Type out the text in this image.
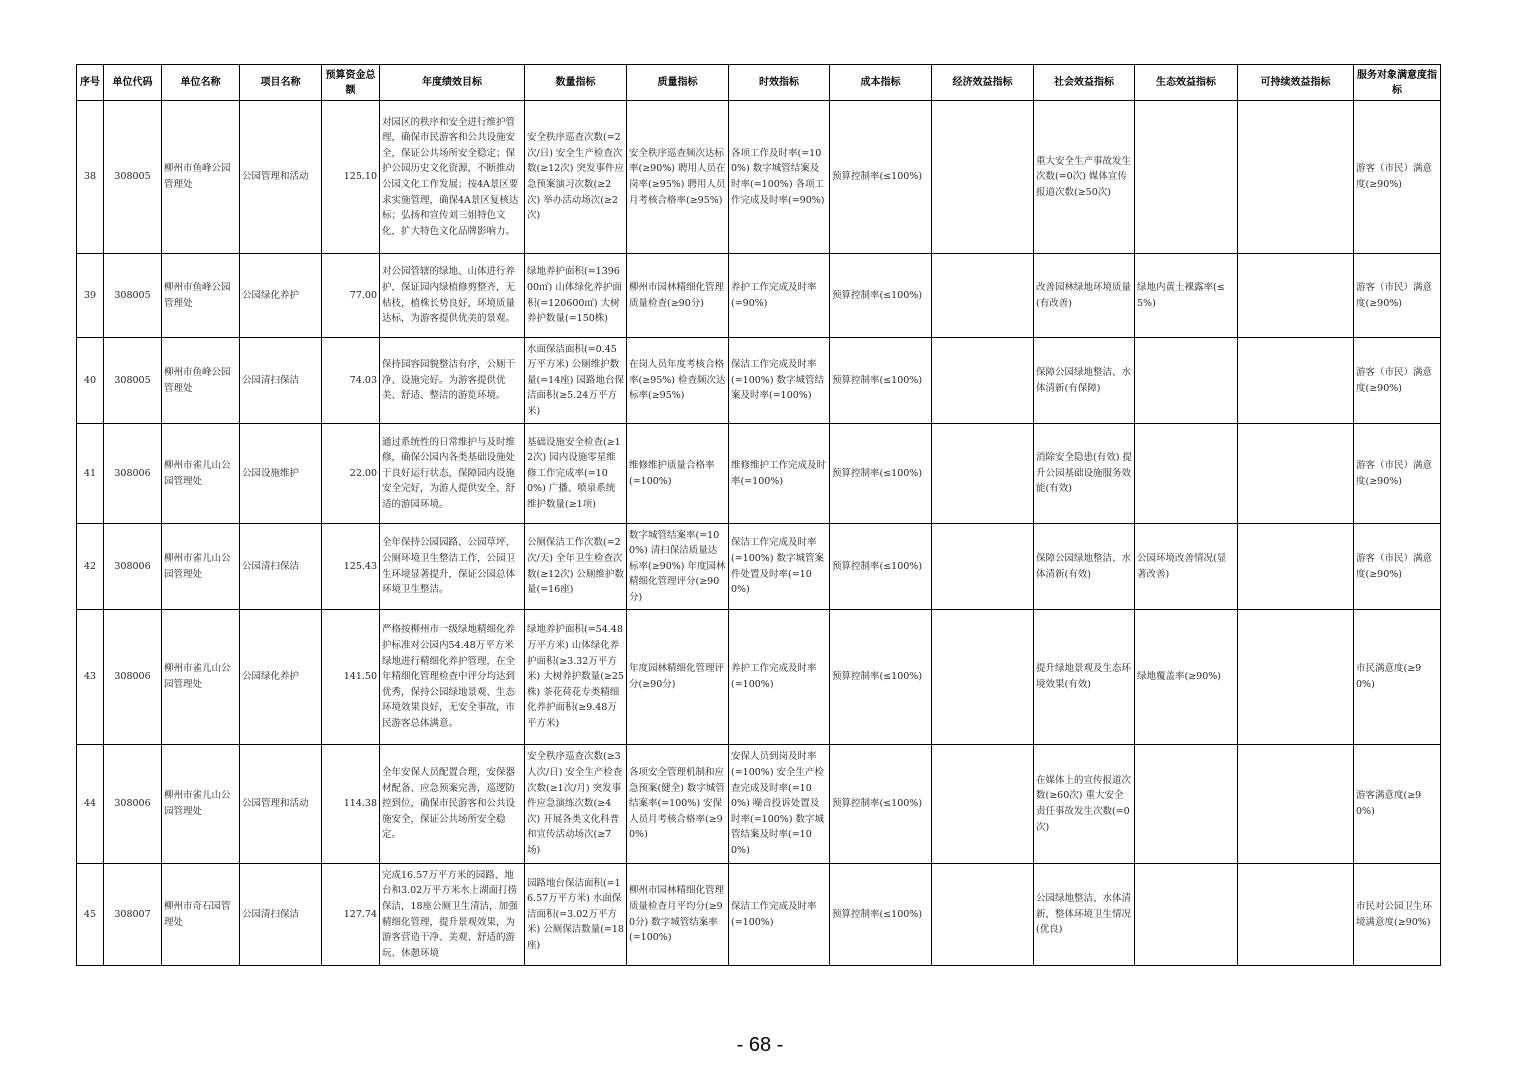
序号	单位代码	单位名称	项目名称	预算资金总额	年度绩效目标	数量指标	质量指标	时效指标	成本指标	经济效益指标	社会效益指标	生态效益指标	可持续效益指标	服务对象满意度指标
38	308005	柳州市鱼峰公园管理处	公园管理和活动	125.10	对园区的秩序和安全进行维护管理，确保市民游客和公共设施安全，保证公共场所安全稳定；保护公园历史文化资源，不断推动公园文化工作发展；按4A景区要求实施管理，确保4A景区复核达标；弘扬和宣传刘三姐特色文化，扩大特色文化品牌影响力。	安全秩序巡查次数(=2次/日) 安全生产检查次数(≥12次) 突发事件应急预案演习次数(≥2次) 举办活动场次(≥2次)	安全秩序巡查频次达标率(≥90%) 聘用人员在岗率(≥95%) 聘用人员月考核合格率(≥95%)	各项工作及时率(=100%) 数字城管结案及时率(=100%) 各项工作完成及时率(=90%)	预算控制率(≤100%)		重大安全生产事故发生次数(=0次) 媒体宣传报道次数(≥50次)			游客（市民）满意度(≥90%)
39	308005	柳州市鱼峰公园管理处	公园绿化养护	77.00	对公园管辖的绿地、山体进行养护，保证园内绿植修剪整齐，无枯枝，植株长势良好，环境质量达标，为游客提供优美的景观。	绿地养护面积(=139600㎡) 山体绿化养护面积(=120600㎡) 大树养护数量(=150株)	柳州市园林精细化管理质量检查(≥90分)	养护工作完成及时率(=90%)	预算控制率(≤100%)		改善园林绿地环境质量(有改善)	绿地内黄土裸露率(≤5%)		游客（市民）满意度(≥90%)
40	308005	柳州市鱼峰公园管理处	公园清扫保洁	74.03	保持园容园貌整洁有序，公厕干净、设施完好。为游客提供优美、舒适、整洁的游览环境。	水面保洁面积(=0.45万平方米) 公厕维护数量(=14座) 园路地台保洁面积(≥5.24万平方米)	在岗人员年度考核合格率(≥95%) 检查频次达标率(≥95%)	保洁工作完成及时率(=100%) 数字城管结案及时率(=100%)	预算控制率(≤100%)		保障公园绿地整洁、水体清新(有保障)			游客（市民）满意度(≥90%)
41	308006	柳州市雀儿山公园管理处	公园设施维护	22.00	通过系统性的日常维护与及时维修，确保公园内各类基础设施处于良好运行状态，保障园内设施安全完好，为游人提供安全、舒适的游园环境。	基础设施安全检查(≥12次) 园内设施零星维修工作完成率(=100%) 广播、喷泉系统维护数量(≥1项)	维修维护质量合格率(=100%)	维修维护工作完成及时率(=100%)	预算控制率(≤100%)		消除安全隐患(有效) 提升公园基础设施服务效能(有效)			游客（市民）满意度(≥90%)
42	308006	柳州市雀儿山公园管理处	公园清扫保洁	125.43	全年保持公园园路、公园草坪、公厕环境卫生整洁工作，公园卫生环境显著提升，保证公园总体环境卫生整洁。	公厕保洁工作次数(=2次/天) 全年卫生检查次数(≥12次) 公厕维护数量(=16座)	数字城管结案率(=100%) 清扫保洁质量达标率(≥90%) 年度园林精细化管理评分(≥90分)	保洁工作完成及时率(=100%) 数字城管案件处置及时率(=100%)	预算控制率(≤100%)		保障公园绿地整洁、水体清新(有效)	公园环境改善情况(显著改善)		游客（市民）满意度(≥90%)
43	308006	柳州市雀儿山公园管理处	公园绿化养护	141.50	严格按柳州市一级绿地精细化养护标准对公园内54.48万平方米绿地进行精细化养护管理，在全年精细化管理检查中评分均达到优秀，保持公园绿地景观、生态环境效果良好，无安全事故，市民游客总体满意。	绿地养护面积(=54.48万平方米) 山体绿化养护面积(≥3.32万平方米) 大树养护数量(≥25株) 茶花荷花专类精细化养护面积(≥9.48万平方米)	年度园林精细化管理评分(≥90分)	养护工作完成及时率(=100%)	预算控制率(≤100%)		提升绿地景观及生态环境效果(有效)	绿地覆盖率(≥90%)		市民满意度(≥90%)
44	308006	柳州市雀儿山公园管理处	公园管理和活动	114.38	全年安保人员配置合理，安保器材配备、应急预案完善，巡逻防控到位，确保市民游客和公共设施安全，保证公共场所安全稳定。	安全秩序巡查次数(≥3人次/日) 安全生产检查次数(≥1次/月) 突发事件应急演练次数(≥4次) 开展各类文化科普和宣传活动场次(≥7场)	各项安全管理机制和应急预案(健全) 数字城管结案率(=100%) 安保人员月考核合格率(≥90%)	安保人员到岗及时率(=100%) 安全生产检查完成及时率(=100%) 噪音投诉处置及时率(=100%) 数字城管结案及时率(=100%)	预算控制率(≤100%)		在媒体上的宣传报道次数(≥60次) 重大安全责任事故发生次数(=0次)			游客满意度(≥90%)
45	308007	柳州市奇石园管理处	公园清扫保洁	127.74	完成16.57万平方米的园路、地台和3.02万平方米水上湖面打捞保洁，18座公厕卫生清洁，加强精细化管理，提升景观效果，为游客营造干净、美观、舒适的游玩、休憩环境	园路地台保洁面积(=16.57万平方米) 水面保洁面积(=3.02万平方米) 公厕保洁数量(=18座)	柳州市园林精细化管理质量检查月平均分(≥90分) 数字城管结案率(=100%)	保洁工作完成及时率(=100%)	预算控制率(≤100%)		公园绿地整洁、水体清新，整体环境卫生情况(优良)			市民对公园卫生环境满意度(≥90%)
- 68 -
